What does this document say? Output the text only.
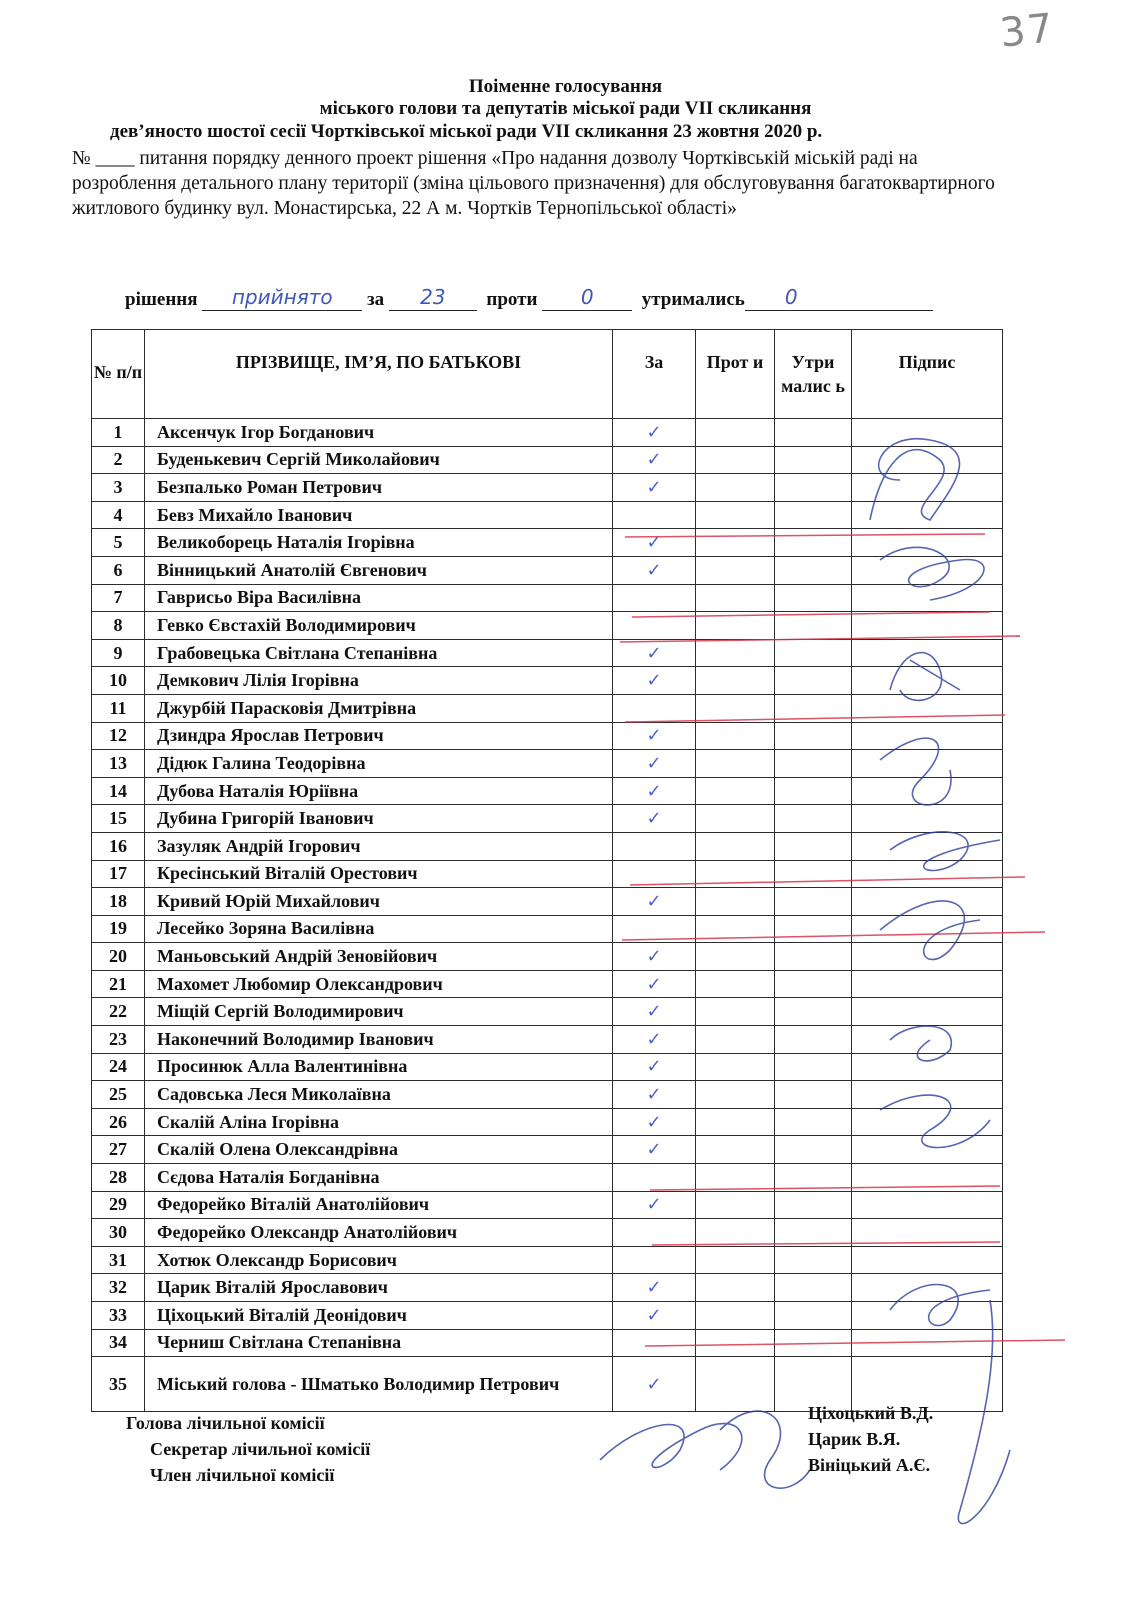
37
Поіменне голосування
міського голови та депутатів міської ради VII скликання
дев’яносто шостої сесії Чортківської міської ради VII скликання 23 жовтня 2020 р.
№ ____ питання порядку денного проект рішення «Про надання дозволу Чортківській міській раді на розроблення детального плану території (зміна цільового призначення) для обслуговування багатоквартирного житлового будинку вул. Монастирська, 22 А м. Чортків Тернопільської області»
рішення	прийнято	за	23	проти	0	утримались	0
№ п/п	ПРІЗВИЩЕ, ІМ’Я, ПО БАТЬКОВІ	За	Прот и	Утри малис ь	Підпис
1	Аксенчук Ігор Богданович	✓			
2	Буденькевич Сергій Миколайович	✓			
3	Безпалько Роман Петрович	✓			
4	Бевз Михайло Іванович				
5	Великоборець Наталія Ігорівна	✓			
6	Вінницький Анатолій Євгенович	✓			
7	Гаврисьо Віра Василівна				
8	Гевко Євстахій Володимирович				
9	Грабовецька Світлана Степанівна	✓			
10	Демкович Лілія Ігорівна	✓			
11	Джурбій Парасковія Дмитрівна				
12	Дзиндра Ярослав Петрович	✓			
13	Дідюк Галина Теодорівна	✓			
14	Дубова Наталія Юріївна	✓			
15	Дубина Григорій Іванович	✓			
16	Зазуляк Андрій Ігорович				
17	Кресінський Віталій Орестович				
18	Кривий Юрій Михайлович	✓			
19	Лесейко Зоряна Василівна				
20	Маньовський Андрій Зеновійович	✓			
21	Махомет Любомир Олександрович	✓			
22	Міщій Сергій Володимирович	✓			
23	Наконечний Володимир Іванович	✓			
24	Просинюк Алла Валентинівна	✓			
25	Садовська Леся Миколаївна	✓			
26	Скалій Аліна Ігорівна	✓			
27	Скалій Олена Олександрівна	✓			
28	Сєдова Наталія Богданівна				
29	Федорейко Віталій Анатолійович	✓			
30	Федорейко Олександр Анатолійович				
31	Хотюк Олександр Борисович				
32	Царик Віталій Ярославович	✓			
33	Ціхоцький Віталій Деонідович	✓			
34	Черниш Світлана Степанівна				
35	Міський голова - Шматько Володимир Петрович	✓			
Голова лічильної комісії
Секретар лічильної комісії
Член лічильної комісії
Ціхоцький В.Д.
Царик В.Я.
Вініцький А.Є.
